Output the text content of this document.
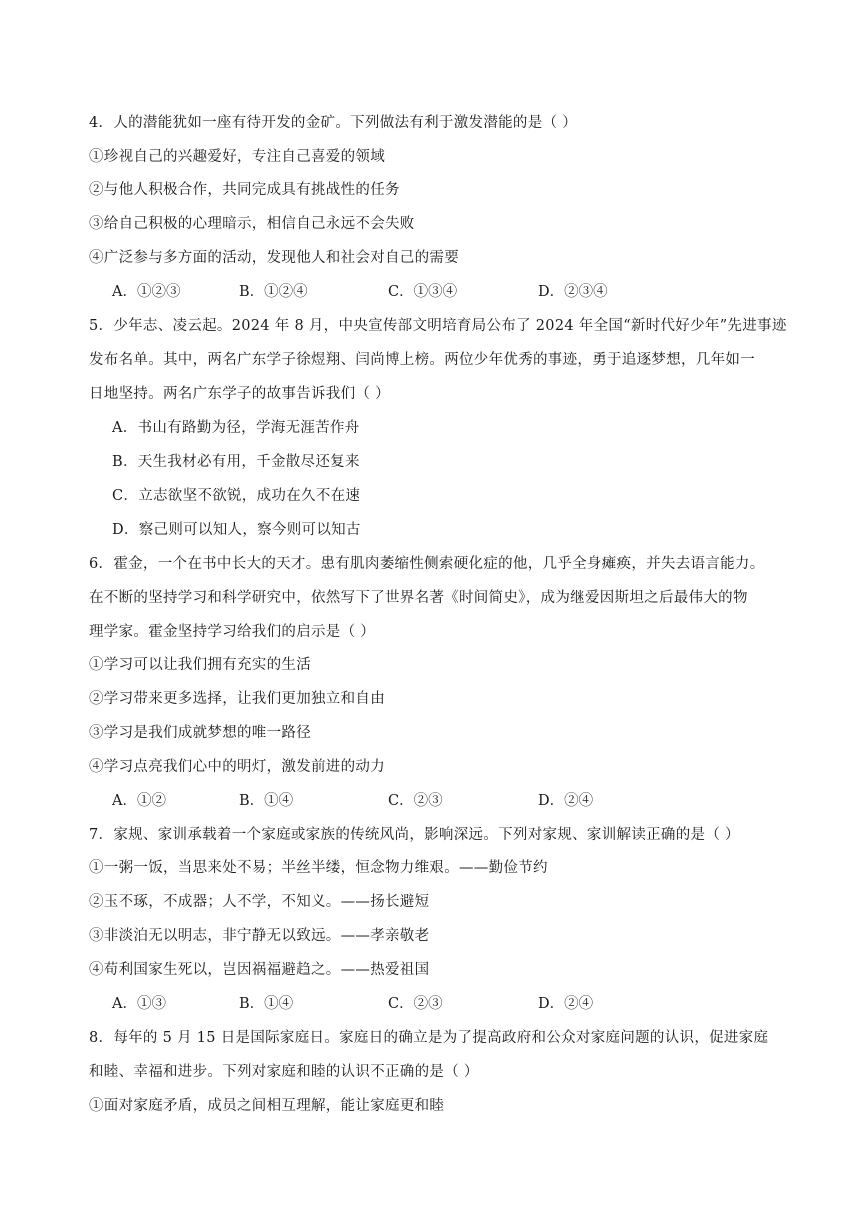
4．人的潜能犹如一座有待开发的金矿。下列做法有利于激发潜能的是（ ）
①珍视自己的兴趣爱好，专注自己喜爱的领域
②与他人积极合作，共同完成具有挑战性的任务
③给自己积极的心理暗示，相信自己永远不会失败
④广泛参与多方面的活动，发现他人和社会对自己的需要
A．①②③	B．①②④	C．①③④	D．②③④
5．少年志、凌云起。2024 年 8 月，中央宣传部文明培育局公布了 2024 年全国“新时代好少年”先进事迹
发布名单。其中，两名广东学子徐煜翔、闫尚博上榜。两位少年优秀的事迹，勇于追逐梦想，几年如一
日地坚持。两名广东学子的故事告诉我们（ ）
A．书山有路勤为径，学海无涯苦作舟
B．天生我材必有用，千金散尽还复来
C．立志欲坚不欲锐，成功在久不在速
D．察己则可以知人，察今则可以知古
6．霍金，一个在书中长大的天才。患有肌肉萎缩性侧索硬化症的他，几乎全身瘫痪，并失去语言能力。
在不断的坚持学习和科学研究中，依然写下了世界名著《时间简史》，成为继爱因斯坦之后最伟大的物
理学家。霍金坚持学习给我们的启示是（ ）
①学习可以让我们拥有充实的生活
②学习带来更多选择，让我们更加独立和自由
③学习是我们成就梦想的唯一路径
④学习点亮我们心中的明灯，激发前进的动力
A．①②	B．①④	C．②③	D．②④
7．家规、家训承载着一个家庭或家族的传统风尚，影响深远。下列对家规、家训解读正确的是（ ）
①一粥一饭，当思来处不易；半丝半缕，恒念物力维艰。——勤俭节约
②玉不琢，不成器；人不学，不知义。——扬长避短
③非淡泊无以明志，非宁静无以致远。——孝亲敬老
④苟利国家生死以，岂因祸福避趋之。——热爱祖国
A．①③	B．①④	C．②③	D．②④
8．每年的 5 月 15 日是国际家庭日。家庭日的确立是为了提高政府和公众对家庭问题的认识，促进家庭
和睦、幸福和进步。下列对家庭和睦的认识不正确的是（ ）
①面对家庭矛盾，成员之间相互理解，能让家庭更和睦
